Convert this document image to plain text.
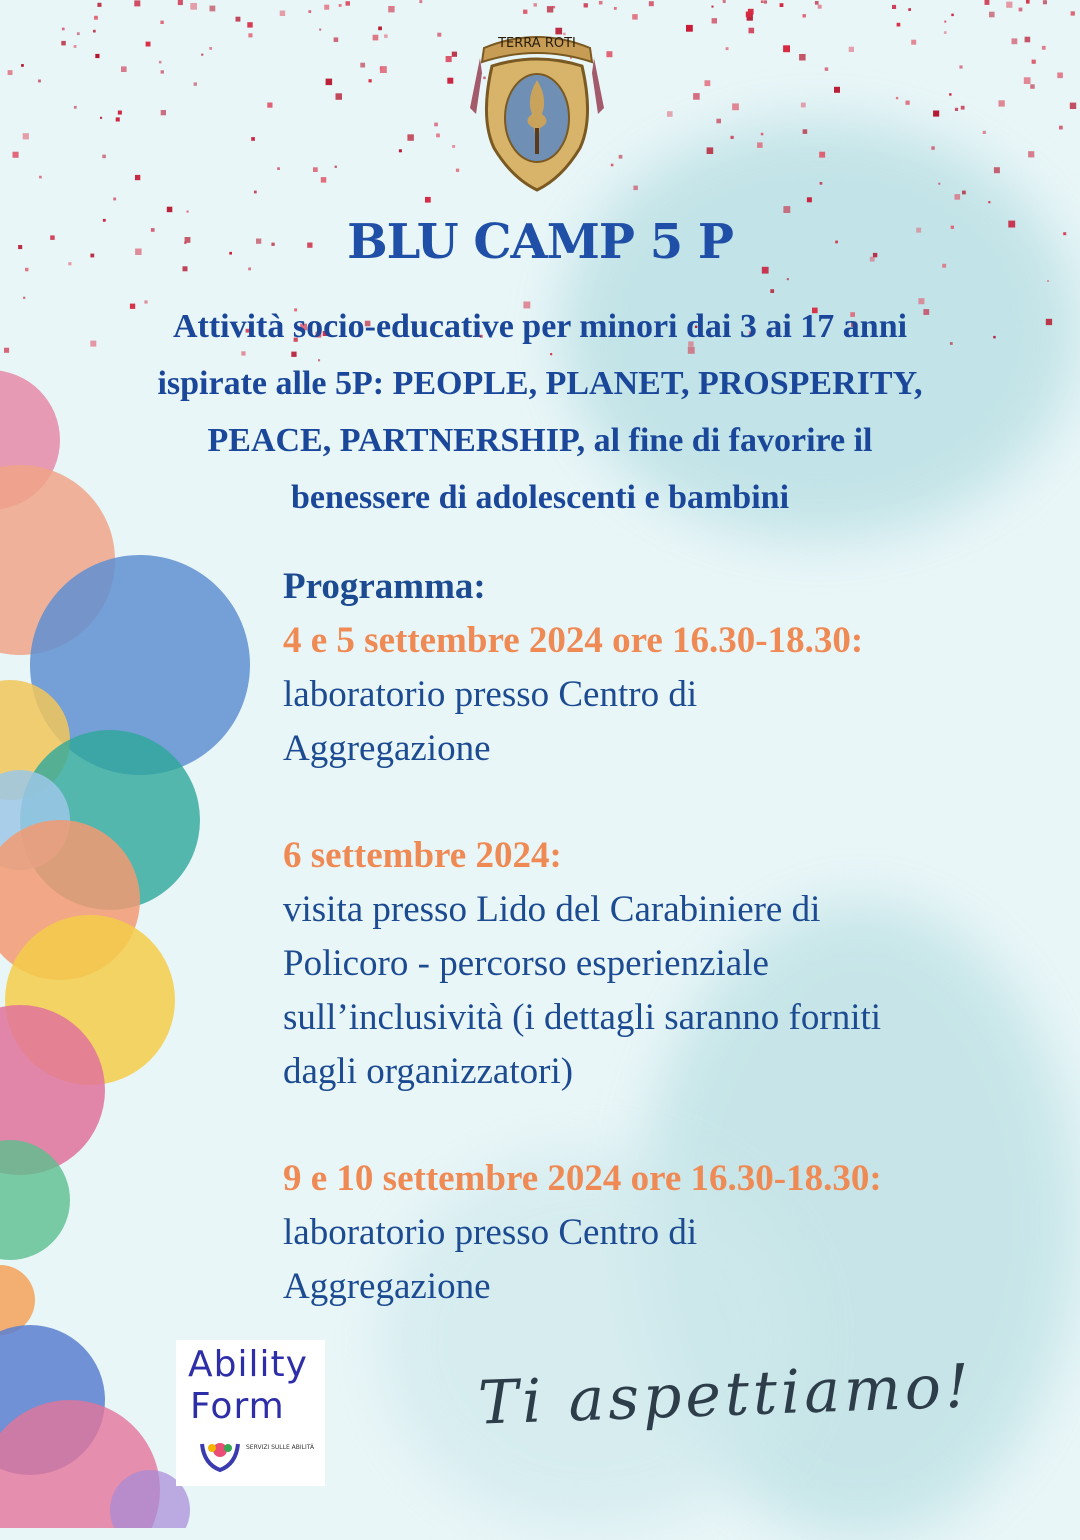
TERRA ROTI
BLU CAMP 5 P
Attività socio-educative per minori dai 3 ai 17 anni
ispirate alle 5P: PEOPLE, PLANET, PROSPERITY,
PEACE, PARTNERSHIP, al fine di favorire il
benessere di adolescenti e bambini
Programma:
4 e 5 settembre 2024 ore 16.30-18.30:
laboratorio presso Centro di
Aggregazione
6 settembre 2024:
visita presso Lido del Carabiniere di
Policoro - percorso esperienziale
sull’inclusività (i dettagli saranno forniti
dagli organizzatori)
9 e 10 settembre 2024 ore 16.30-18.30:
laboratorio presso Centro di
Aggregazione
Ability
Form
SERVIZI SULLE ABILITÀ
Ti aspettiamo!
